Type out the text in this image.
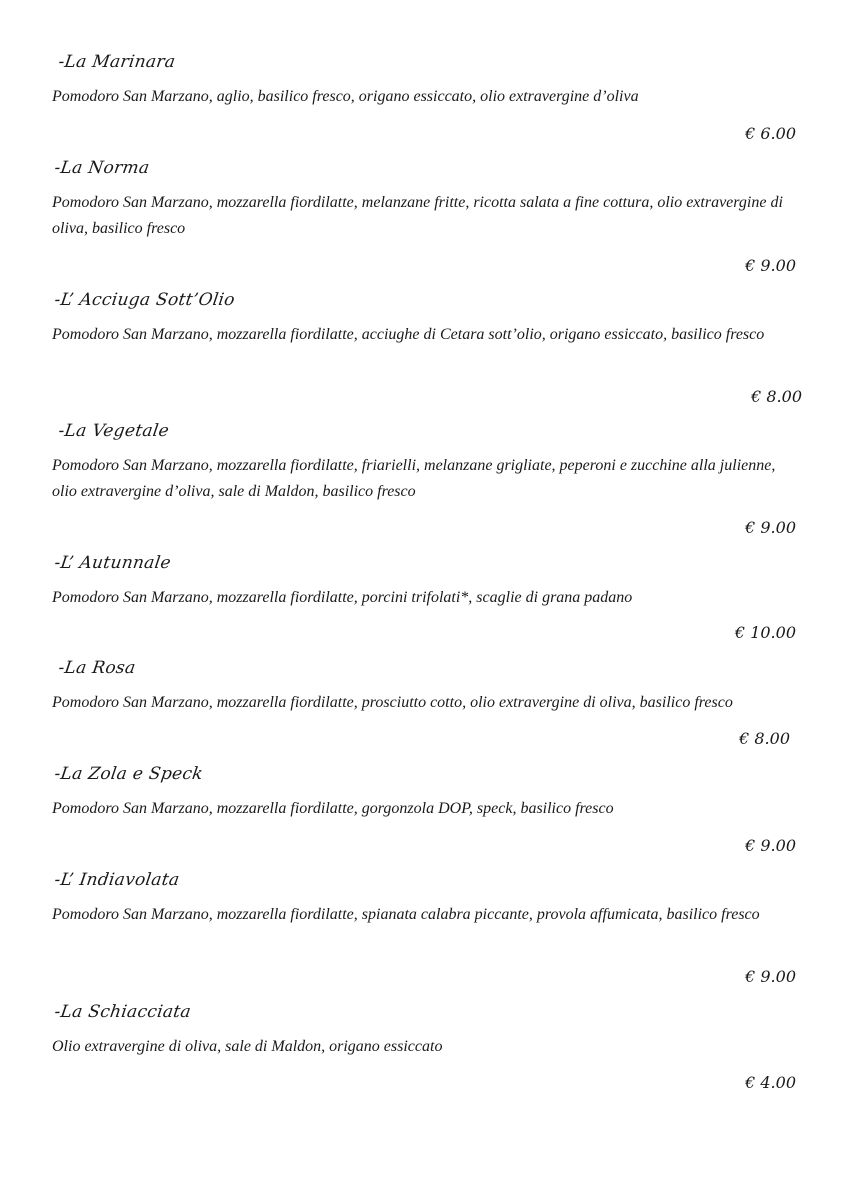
-La Marinara
Pomodoro San Marzano, aglio, basilico fresco, origano essiccato, olio extravergine d’oliva
€ 6.00
-La Norma
Pomodoro San Marzano, mozzarella fiordilatte, melanzane fritte, ricotta salata a fine cottura, olio extravergine di oliva, basilico fresco
€ 9.00
-L’ Acciuga Sott’Olio
Pomodoro San Marzano, mozzarella fiordilatte, acciughe di Cetara sott’olio, origano essiccato, basilico fresco
€ 8.00
-La Vegetale
Pomodoro San Marzano, mozzarella fiordilatte, friarielli, melanzane grigliate, peperoni e zucchine alla julienne, olio extravergine d’oliva, sale di Maldon, basilico fresco
€ 9.00
-L’ Autunnale
Pomodoro San Marzano, mozzarella fiordilatte, porcini trifolati*, scaglie di grana padano
€ 10.00
-La Rosa
Pomodoro San Marzano, mozzarella fiordilatte, prosciutto cotto, olio extravergine di oliva, basilico fresco
€ 8.00
-La Zola e Speck
Pomodoro San Marzano, mozzarella fiordilatte, gorgonzola DOP, speck, basilico fresco
€ 9.00
-L’ Indiavolata
Pomodoro San Marzano, mozzarella fiordilatte, spianata calabra piccante, provola affumicata, basilico fresco
€ 9.00
-La Schiacciata
Olio extravergine di oliva, sale di Maldon, origano essiccato
€ 4.00
